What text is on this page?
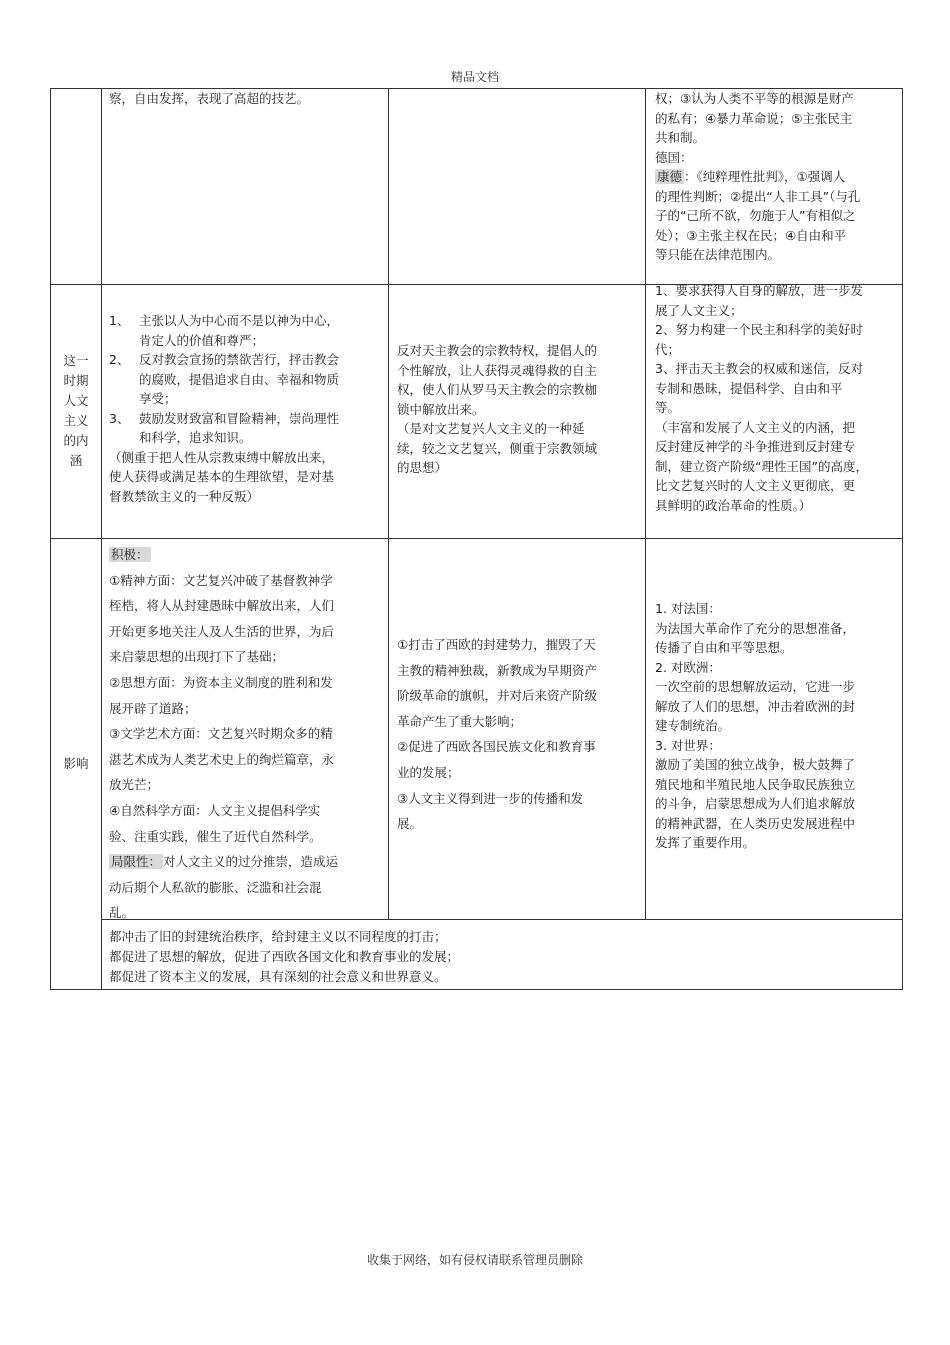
精品文档

察，自由发挥，表现了高超的技艺。	权；③认为人类不平等的根源是财产

的私有；④暴力革命说；⑤主张民主

共和制。

德国：

康德 ：《纯粹理性批判》，①强调人

的理性判断；②提出“人非工具”（与孔

子的“己所不欲，勿施于人”有相似之

处）；③主张主权在民；④自由和平

等只能在法律范围内。

这一

时期

人文

主义

的内

涵

1、 主张以人为中心而不是以神为中心，

肯定人的价值和尊严；

2、 反对教会宣扬的禁欲苦行，抨击教会

的腐败，提倡追求自由、幸福和物质

享受；

3、 鼓励发财致富和冒险精神，崇尚理性

和科学，追求知识。

（侧重于把人性从宗教束缚中解放出来，

使人获得或满足基本的生理欲望，是对基

督教禁欲主义的一种反叛）

反对天主教会的宗教特权，提倡人的

个性解放，让人获得灵魂得救的自主

权，使人们从罗马天主教会的宗教枷

锁中解放出来。

（是对文艺复兴人文主义的一种延

续，较之文艺复兴，侧重于宗教领域

的思想）

1、要求获得人自身的解放，进一步发

展了人文主义；

2、努力构建一个民主和科学的美好时

代；

3、抨击天主教会的权威和迷信，反对

专制和愚昧，提倡科学、自由和平

等。

（丰富和发展了人文主义的内涵，把

反封建反神学的斗争推进到反封建专

制，建立资产阶级“理性王国”的高度，

比文艺复兴时的人文主义更彻底，更

具鲜明的政治革命的性质。）

影响

积极：

①精神方面：文艺复兴冲破了基督教神学

桎梏，将人从封建愚昧中解放出来，人们

开始更多地关注人及人生活的世界，为后

来启蒙思想的出现打下了基础；

②思想方面：为资本主义制度的胜利和发

展开辟了道路；

③文学艺术方面：文艺复兴时期众多的精

湛艺术成为人类艺术史上的绚烂篇章，永

放光芒；

④自然科学方面：人文主义提倡科学实

验、注重实践，催生了近代自然科学。

局限性： 对人文主义的过分推崇，造成运

动后期个人私欲的膨胀、泛滥和社会混

乱。

①打击了西欧的封建势力，摧毁了天

主教的精神独裁，新教成为早期资产

阶级革命的旗帜，并对后来资产阶级

革命产生了重大影响；

②促进了西欧各国民族文化和教育事

业的发展；

③人文主义得到进一步的传播和发

展。

1. 对法国：

为法国大革命作了充分的思想准备，

传播了自由和平等思想。

2. 对欧洲：

一次空前的思想解放运动，它进一步

解放了人们的思想，冲击着欧洲的封

建专制统治。

3. 对世界：

激励了美国的独立战争，极大鼓舞了

殖民地和半殖民地人民争取民族独立

的斗争，启蒙思想成为人们追求解放

的精神武器，在人类历史发展进程中

发挥了重要作用。

都冲击了旧的封建统治秩序，给封建主义以不同程度的打击；

都促进了思想的解放，促进了西欧各国文化和教育事业的发展；

都促进了资本主义的发展，具有深刻的社会意义和世界意义。

收集于网络，如有侵权请联系管理员删除
